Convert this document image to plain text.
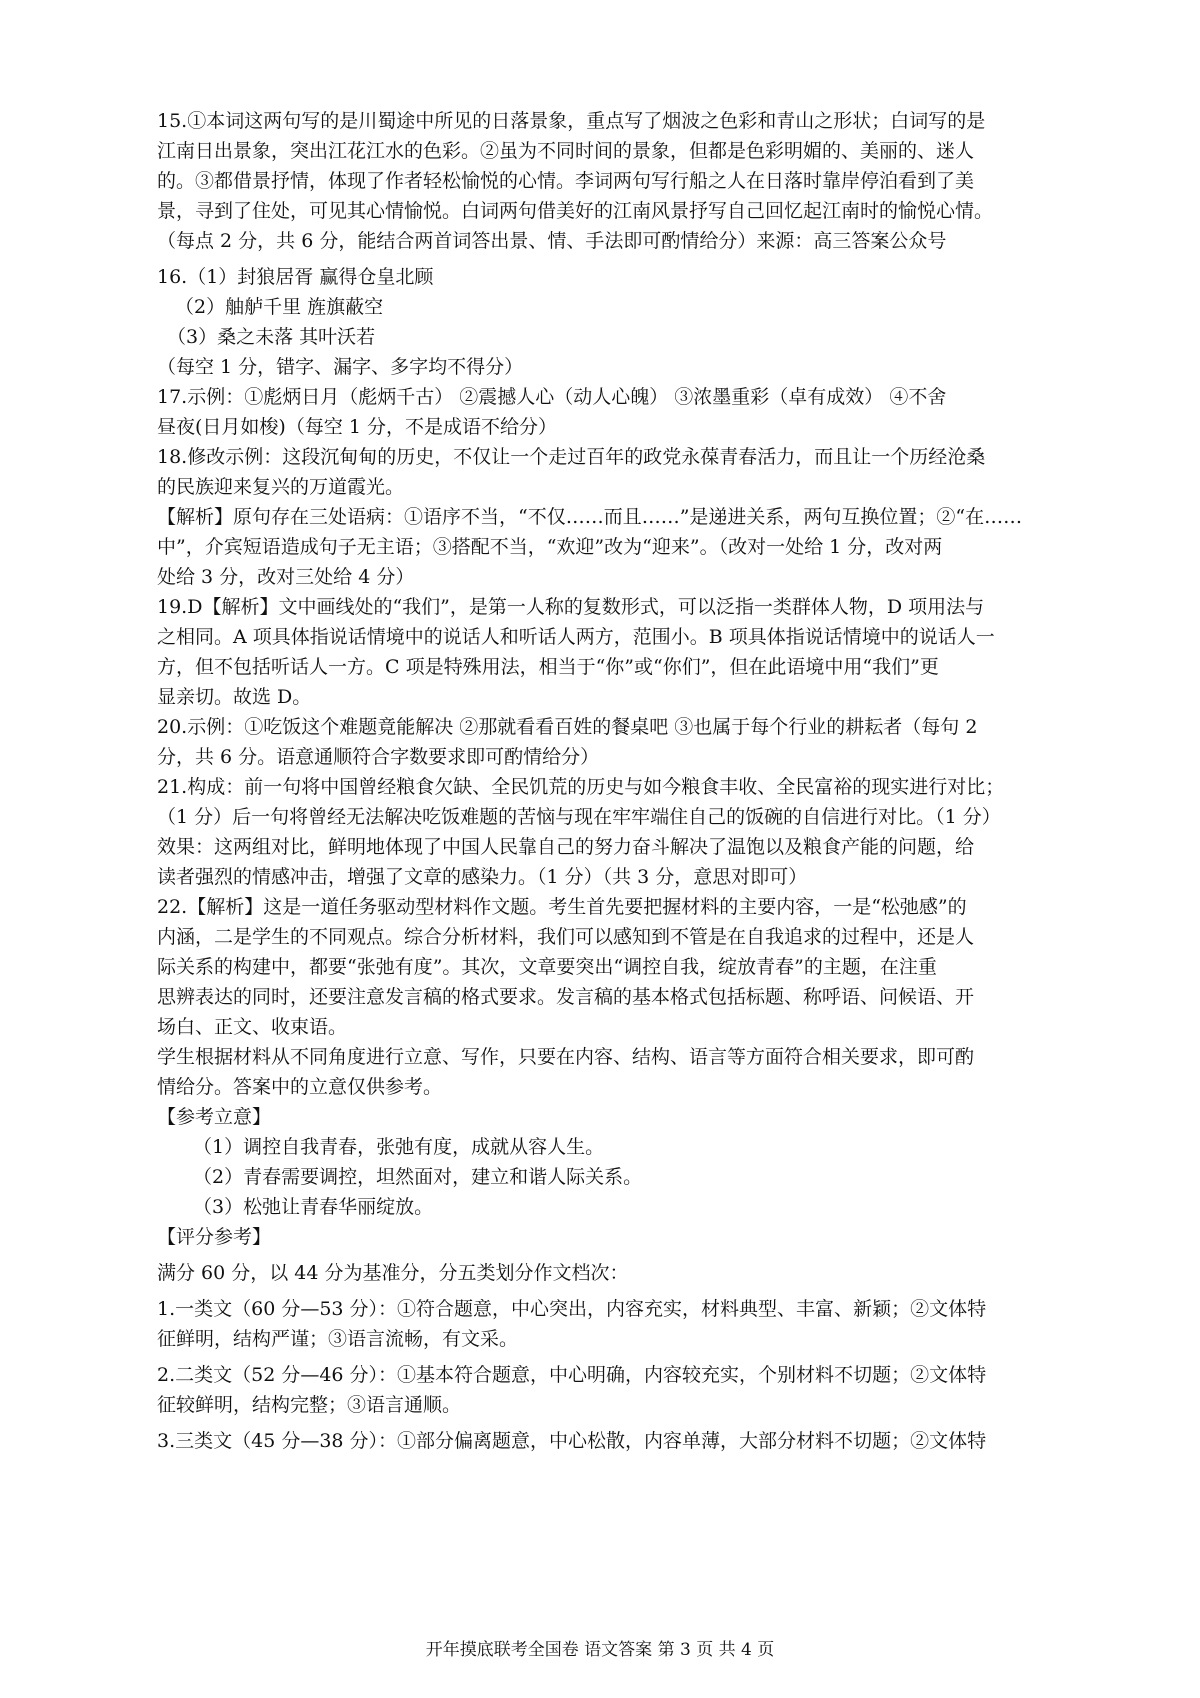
15.①本词这两句写的是川蜀途中所见的日落景象，重点写了烟波之色彩和青山之形状；白词写的是
江南日出景象，突出江花江水的色彩。②虽为不同时间的景象，但都是色彩明媚的、美丽的、迷人
的。③都借景抒情，体现了作者轻松愉悦的心情。李词两句写行船之人在日落时靠岸停泊看到了美
景，寻到了住处，可见其心情愉悦。白词两句借美好的江南风景抒写自己回忆起江南时的愉悦心情。
（每点 2 分，共 6 分，能结合两首词答出景、情、手法即可酌情给分）来源：高三答案公众号
16.（1）封狼居胥 赢得仓皇北顾
（2）舳舻千里 旌旗蔽空
（3）桑之未落 其叶沃若
（每空 1 分，错字、漏字、多字均不得分）
17.示例：①彪炳日月（彪炳千古） ②震撼人心（动人心魄） ③浓墨重彩（卓有成效） ④不舍
昼夜(日月如梭)（每空 1 分，不是成语不给分）
18.修改示例：这段沉甸甸的历史，不仅让一个走过百年的政党永葆青春活力，而且让一个历经沧桑
的民族迎来复兴的万道霞光。
【解析】原句存在三处语病：①语序不当，“不仅……而且……”是递进关系，两句互换位置；②“在……
中”，介宾短语造成句子无主语；③搭配不当，“欢迎”改为“迎来”。（改对一处给 1 分，改对两
处给 3 分，改对三处给 4 分）
19.D【解析】文中画线处的“我们”，是第一人称的复数形式，可以泛指一类群体人物，D 项用法与
之相同。A 项具体指说话情境中的说话人和听话人两方，范围小。B 项具体指说话情境中的说话人一
方，但不包括听话人一方。C 项是特殊用法，相当于“你”或“你们”，但在此语境中用“我们”更
显亲切。故选 D。
20.示例：①吃饭这个难题竟能解决 ②那就看看百姓的餐桌吧 ③也属于每个行业的耕耘者（每句 2
分，共 6 分。语意通顺符合字数要求即可酌情给分）
21.构成：前一句将中国曾经粮食欠缺、全民饥荒的历史与如今粮食丰收、全民富裕的现实进行对比；
（1 分）后一句将曾经无法解决吃饭难题的苦恼与现在牢牢端住自己的饭碗的自信进行对比。（1 分）
效果：这两组对比，鲜明地体现了中国人民靠自己的努力奋斗解决了温饱以及粮食产能的问题，给
读者强烈的情感冲击，增强了文章的感染力。（1 分）（共 3 分，意思对即可）
22.【解析】这是一道任务驱动型材料作文题。考生首先要把握材料的主要内容，一是“松弛感”的
内涵，二是学生的不同观点。综合分析材料，我们可以感知到不管是在自我追求的过程中，还是人
际关系的构建中，都要“张弛有度”。其次，文章要突出“调控自我，绽放青春”的主题，在注重
思辨表达的同时，还要注意发言稿的格式要求。发言稿的基本格式包括标题、称呼语、问候语、开
场白、正文、收束语。
学生根据材料从不同角度进行立意、写作，只要在内容、结构、语言等方面符合相关要求，即可酌
情给分。答案中的立意仅供参考。
【参考立意】
（1）调控自我青春，张弛有度，成就从容人生。
（2）青春需要调控，坦然面对，建立和谐人际关系。
（3）松弛让青春华丽绽放。
【评分参考】
满分 60 分，以 44 分为基准分，分五类划分作文档次：
1.一类文（60 分—53 分）：①符合题意，中心突出，内容充实，材料典型、丰富、新颖；②文体特
征鲜明，结构严谨；③语言流畅，有文采。
2.二类文（52 分—46 分）：①基本符合题意，中心明确，内容较充实，个别材料不切题；②文体特
征较鲜明，结构完整；③语言通顺。
3.三类文（45 分—38 分）：①部分偏离题意，中心松散，内容单薄，大部分材料不切题；②文体特
开年摸底联考全国卷 语文答案 第 3 页 共 4 页
